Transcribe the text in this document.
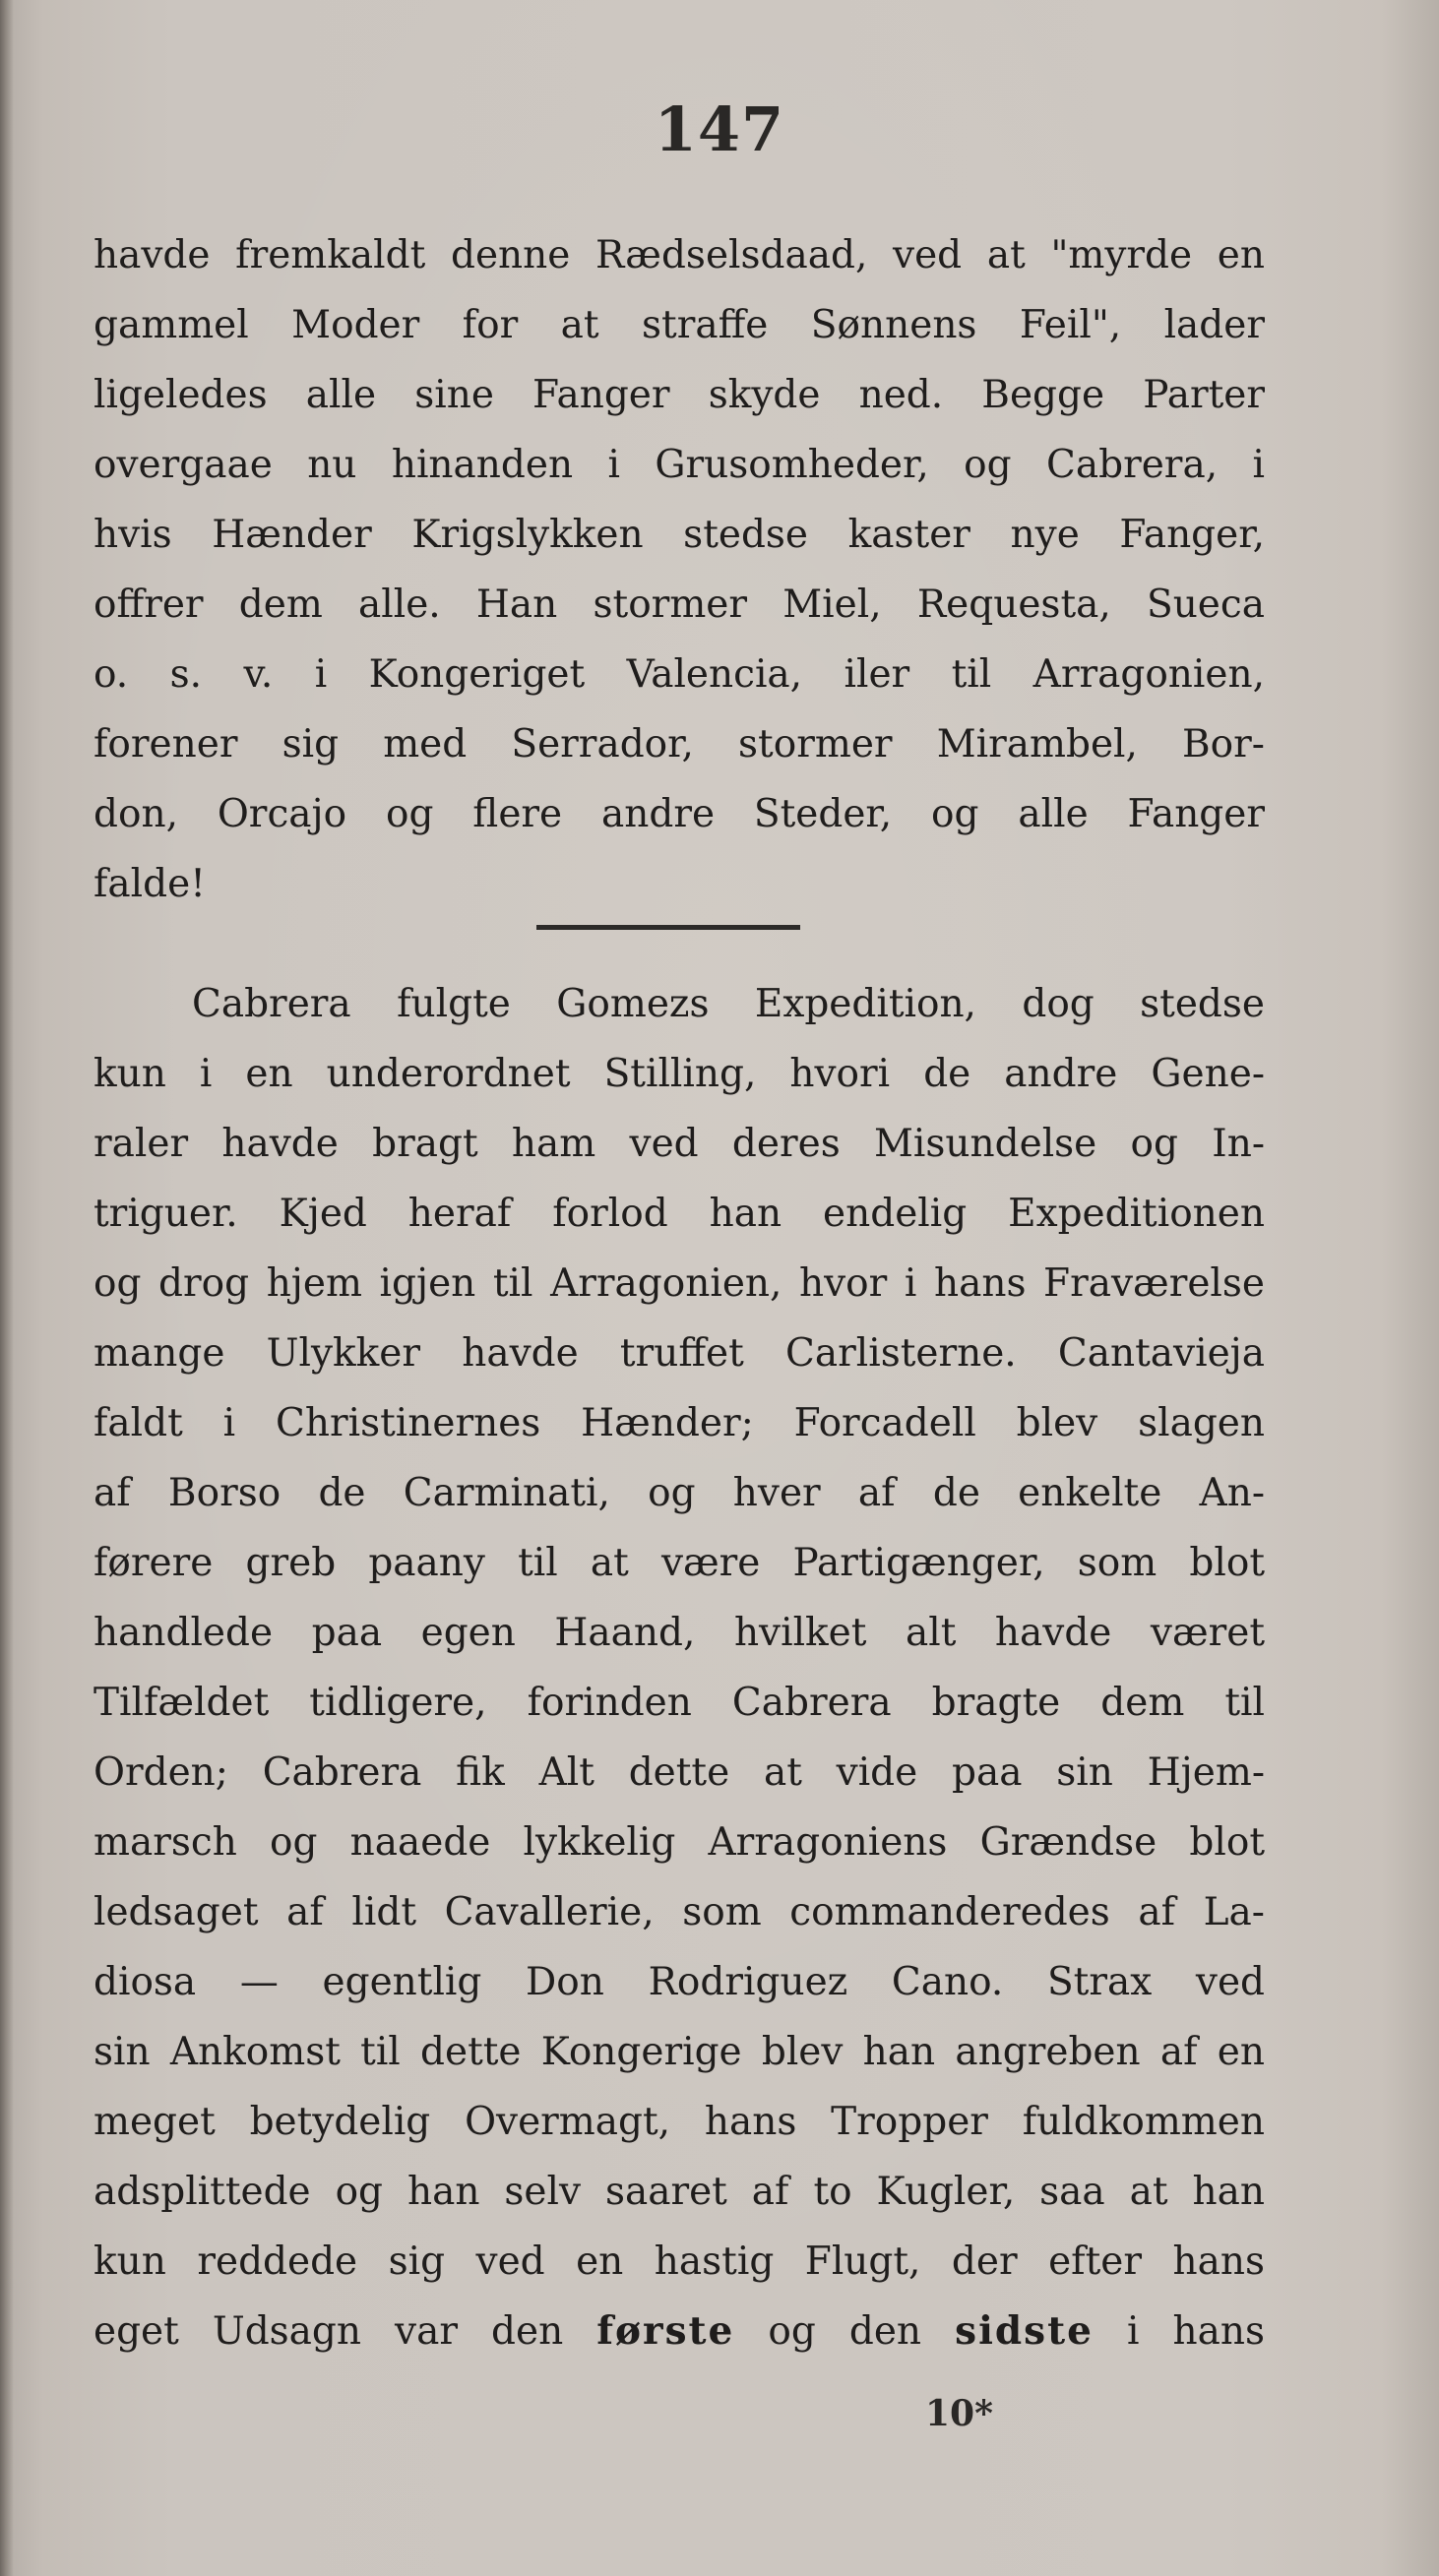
147
havde fremkaldt denne Rædselsdaad, ved at "myrde en
gammel Moder for at straffe Sønnens Feil", lader
ligeledes alle sine Fanger skyde ned. Begge Parter
overgaae nu hinanden i Grusomheder, og Cabrera, i
hvis Hænder Krigslykken stedse kaster nye Fanger,
offrer dem alle. Han stormer Miel, Requesta, Sueca
o. s. v. i Kongeriget Valencia, iler til Arragonien,
forener sig med Serrador, stormer Mirambel, Bor-
don, Orcajo og flere andre Steder, og alle Fanger
falde!
Cabrera fulgte Gomezs Expedition, dog stedse
kun i en underordnet Stilling, hvori de andre Gene-
raler havde bragt ham ved deres Misundelse og In-
triguer. Kjed heraf forlod han endelig Expeditionen
og drog hjem igjen til Arragonien, hvor i hans Fraværelse
mange Ulykker havde truffet Carlisterne. Cantavieja
faldt i Christinernes Hænder; Forcadell blev slagen
af Borso de Carminati, og hver af de enkelte An-
førere greb paany til at være Partigænger, som blot
handlede paa egen Haand, hvilket alt havde været
Tilfældet tidligere, forinden Cabrera bragte dem til
Orden; Cabrera fik Alt dette at vide paa sin Hjem-
marsch og naaede lykkelig Arragoniens Grændse blot
ledsaget af lidt Cavallerie, som commanderedes af La-
diosa — egentlig Don Rodriguez Cano. Strax ved
sin Ankomst til dette Kongerige blev han angreben af en
meget betydelig Overmagt, hans Tropper fuldkommen
adsplittede og han selv saaret af to Kugler, saa at han
kun reddede sig ved en hastig Flugt, der efter hans
eget Udsagn var den første og den sidste i hans
10*
